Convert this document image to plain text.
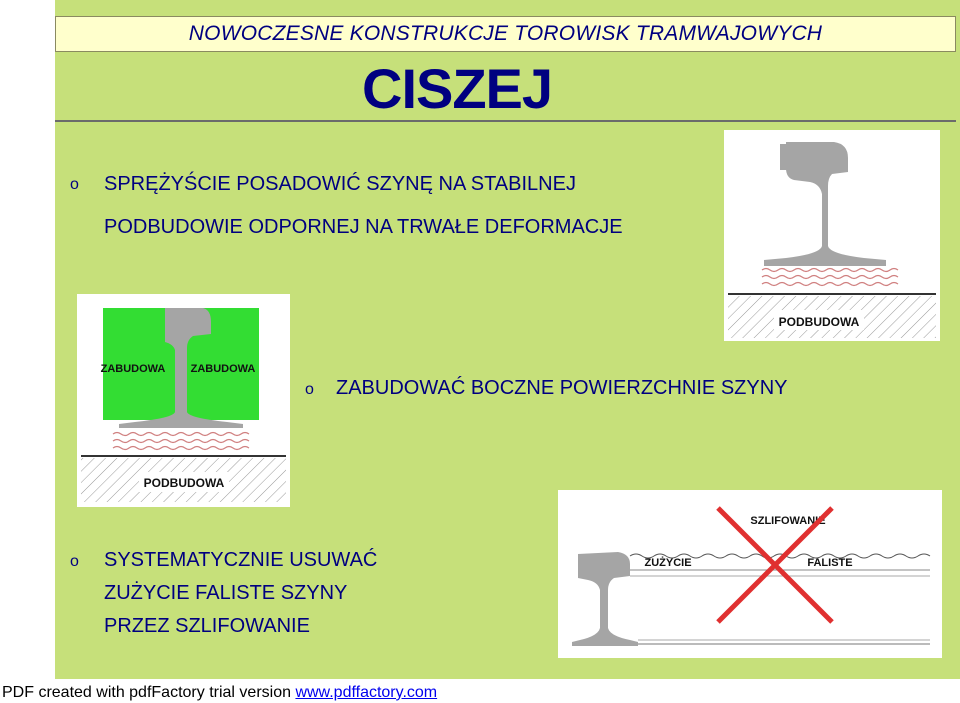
NOWOCZESNE KONSTRUKCJE TOROWISK TRAMWAJOWYCH
CISZEJ
o SPRĘŻYŚCIE POSADOWIĆ SZYNĘ NA STABILNEJ
PODBUDOWIE ODPORNEJ NA TRWAŁE DEFORMACJE
o ZABUDOWAĆ BOCZNE POWIERZCHNIE SZYNY
o SYSTEMATYCZNIE USUWAĆ
ZUŻYCIE FALISTE SZYNY
PRZEZ SZLIFOWANIE
PODBUDOWA
ZABUDOWA ZABUDOWA
PODBUDOWA
SZLIFOWANIE
ZUŻYCIE	FALISTE
PDF created with pdfFactory trial version www.pdffactory.com
